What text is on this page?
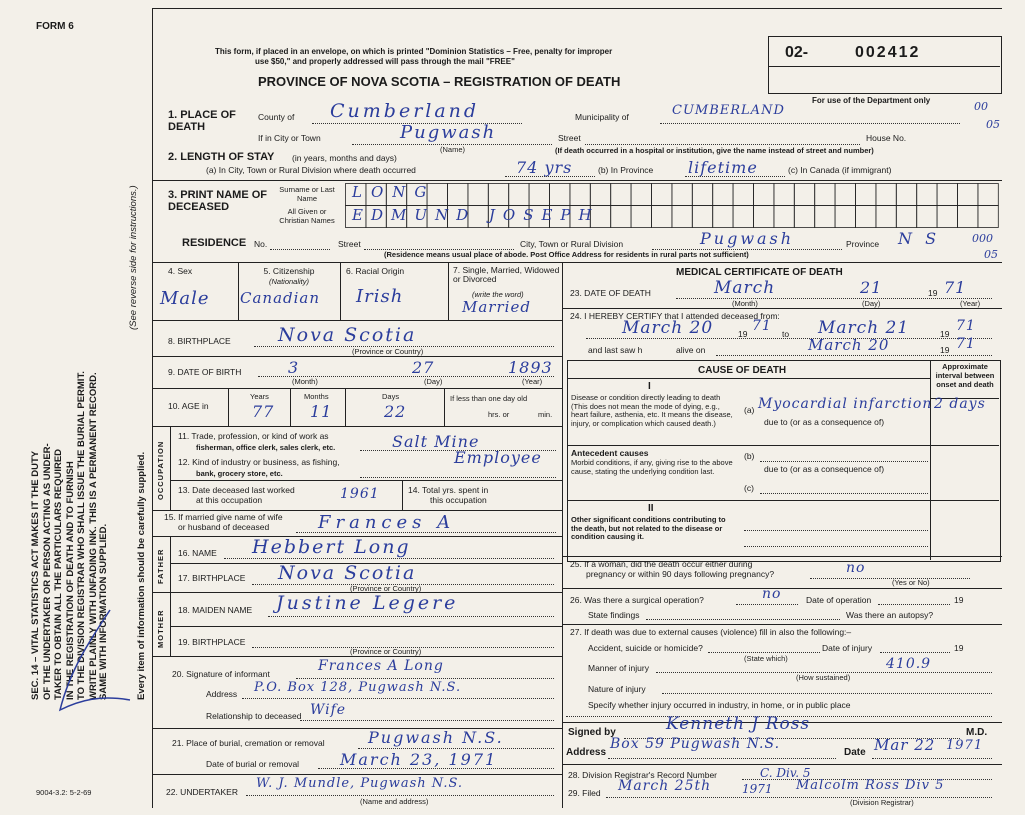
FORM 6
SEC. 14 – VITAL STATISTICS ACT MAKES IT THE DUTY OF THE UNDERTAKER OR PERSON ACTING AS UNDER- TAKER TO OBTAIN ALL THE PARTICULARS REQUIRED IN THE REGISTRATION OF DEATH AND TO FURNISH TO THE DIVISION REGISTRAR WHO SHALL ISSUE THE BURIAL PERMIT. WRITE PLAINLY WITH UNFADING INK. THIS IS A PERMANENT RECORD. SAME WITH INFORMATION SUPPLIED.
(See reverse side for instructions.)
Every item of information should be carefully supplied.
9004-3.2: 5-2-69
This form, if placed in an envelope, on which is printed "Dominion Statistics – Free, penalty for improper
use $50," and properly addressed will pass through the mail "FREE"
PROVINCE OF NOVA SCOTIA – REGISTRATION OF DEATH
02-	002412
For use of the Department only	00
05
1. PLACE OF DEATH
County of Cumberland	Municipality of	CUMBERLAND
If in City or Town	Pugwash
(Name)
Street	House No.
(If death occurred in a hospital or institution, give the name instead of street and number)
2. LENGTH OF STAY (in years, months and days)
(a) In City, Town or Rural Division where death occurred	74 yrs	(b) In Province lifetime	(c) In Canada (if immigrant)
3. PRINT NAME OF DECEASED
Surname or Last Name
All Given or Christian Names
LONG
EDMUND JOSEPH
RESIDENCE No.	Street	City, Town or Rural Division	Pugwash	Province N S	000
05
(Residence means usual place of abode. Post Office Address for residents in rural parts not sufficient)
4. Sex
Male
5. Citizenship
(Nationality)
Canadian
6. Racial Origin
Irish
7. Single, Married, Widowed or Divorced
(write the word)
Married
8. BIRTHPLACE Nova Scotia
(Province or Country)
9. DATE OF BIRTH	3	27	1893
(Month)	(Day)	(Year)
10. AGE in
Years
77
Months
11
Days
22
If less than one day old
hrs. or	min.
OCCUPATION
11. Trade, profession, or kind of work as
fisherman, office clerk, sales clerk, etc.	Salt Mine
12. Kind of industry or business, as fishing,
bank, grocery store, etc.
Employee
13. Date deceased last worked
at this occupation	1961	14. Total yrs. spent in
this occupation
15. If married give name of wife
or husband of deceased	Frances A
FATHER 16. NAME Hebbert Long
17. BIRTHPLACE Nova Scotia
(Province or Country)
MOTHER 18. MAIDEN NAME Justine Legere
19. BIRTHPLACE
(Province or Country)
20. Signature of informant	Frances A Long
Address P.O. Box 128, Pugwash N.S.
Relationship to deceased Wife
21. Place of burial, cremation or removal	Pugwash N.S.
Date of burial or removal	March 23, 1971
22. UNDERTAKER
W. J. Mundle, Pugwash N.S.
(Name and address)
MEDICAL CERTIFICATE OF DEATH
23. DATE OF DEATH	March	21	19 71
(Month)	(Day)	(Year)
24. I HEREBY CERTIFY that I attended deceased from:
March 20	19 71 to March 21	19 71
and last saw h	alive on	March 20	19 71
CAUSE OF DEATH	Approximate interval between onset and death
I
Disease or condition directly leading to death (This does not mean the mode of dying, e.g., heart failure, asthenia, etc. It means the disease, injury, or complication which caused death.)
(a) Myocardial infarction 2 days
due to (or as a consequence of)
Antecedent causes
Morbid conditions, if any, giving rise to the above cause, stating the underlying condition last.
(b)
due to (or as a consequence of)
(c)
II
Other significant conditions contributing to the death, but not related to the disease or condition causing it.
25. If a woman, did the death occur either during
pregnancy or within 90 days following pregnancy?	no
(Yes or No)
26. Was there a surgical operation?	no	Date of operation	19
State findings	Was there an autopsy?
27. If death was due to external causes (violence) fill in also the following:–
Accident, suicide or homicide?	Date of injury	19
(State which)	410.9
Manner of injury
(How sustained)
Nature of injury
Specify whether injury occurred in industry, in home, or in public place
Signed by	Kenneth J Ross	M.D.
Address
Box 59 Pugwash N.S.
Date Mar 22 1971
28. Division Registrar's Record Number	C. Div. 5
29. Filed March 25th	1971 Malcolm Ross Div 5
(Division Registrar)
